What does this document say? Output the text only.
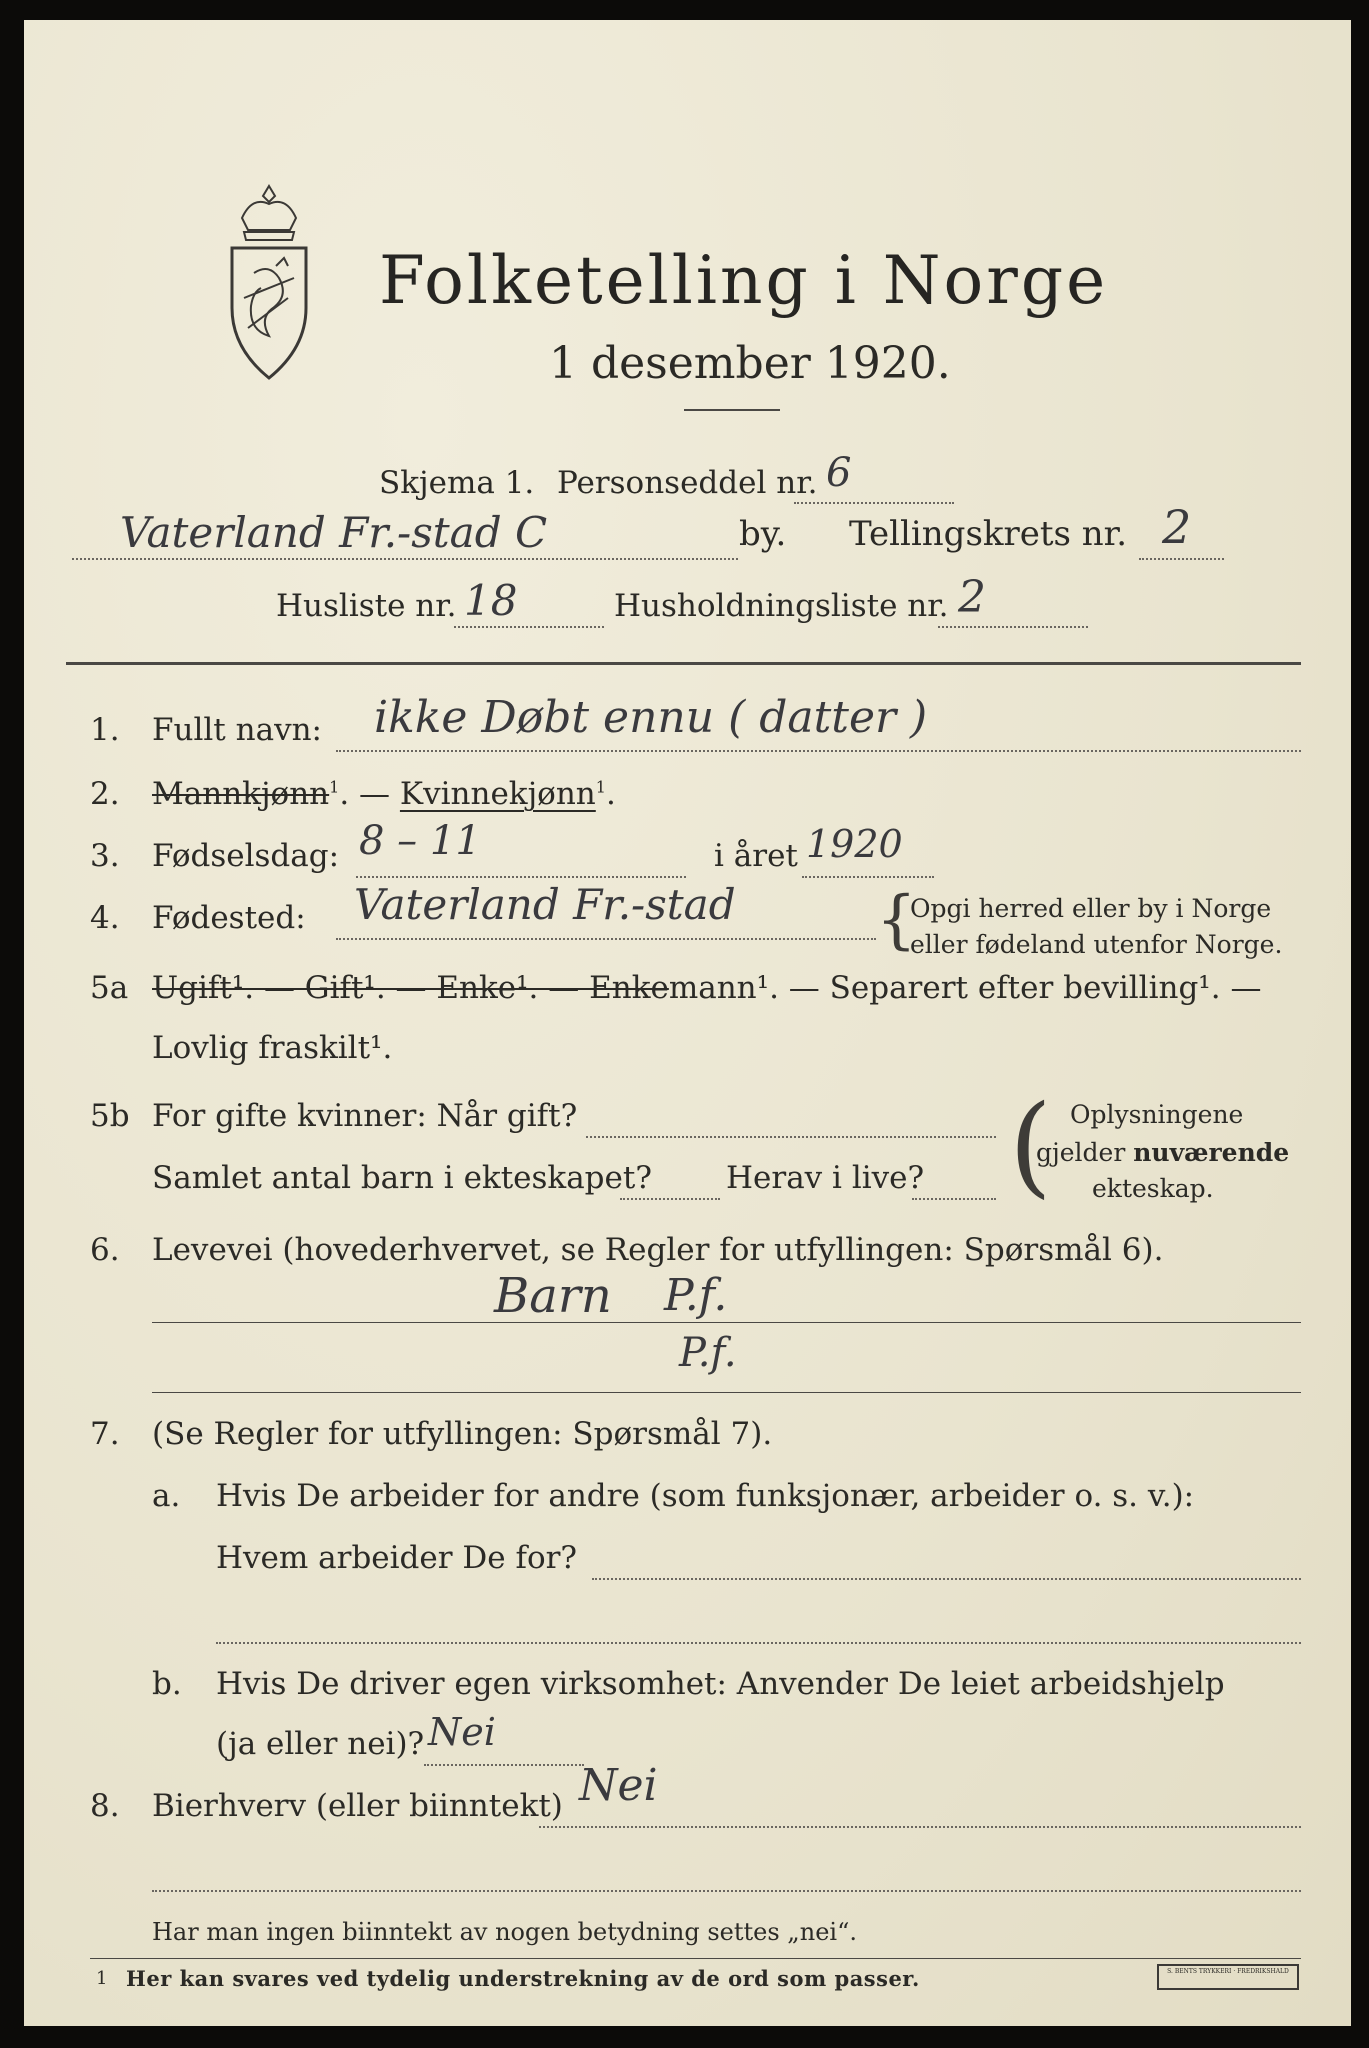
Folketelling i Norge
1 desember 1920.
Skjema 1. Personseddel nr. 6
Vaterland Fr.-stad C	by. Tellingskrets nr. 2
Husliste nr. 18	Husholdningsliste nr. 2
1. Fullt navn: ikke Døbt ennu ( datter )
2. Mannkjønn$^1$. — Kvinnekjønn$^1$.
3. Fødselsdag: 8 – 11	i året 1920
4. Fødested: Vaterland Fr.-stad {
Opgi herred eller by i Norge
eller fødeland utenfor Norge.
5a Ugift¹. — Gift¹. — Enke¹. — Enkemann¹. — Separert efter bevilling¹. —
Lovlig fraskilt¹.
5b For gifte kvinner: Når gift?
Samlet antal barn i ekteskapet? Herav i live? ( Oplysningene
gjelder nuværende
ekteskap.
6. Levevei (hovederhvervet, se Regler for utfyllingen: Spørsmål 6).
Barn P.f.
P.f.
7. (Se Regler for utfyllingen: Spørsmål 7).
a. Hvis De arbeider for andre (som funksjonær, arbeider o. s. v.):
Hvem arbeider De for?
b. Hvis De driver egen virksomhet: Anvender De leiet arbeidshjelp
(ja eller nei)? Nei
8. Bierhverv (eller biinntekt) Nei
Har man ingen biinntekt av nogen betydning settes „nei“.
1 Her kan svares ved tydelig understrekning av de ord som passer.	S. BENTS TRYKKERI · FREDRIKSHALD
